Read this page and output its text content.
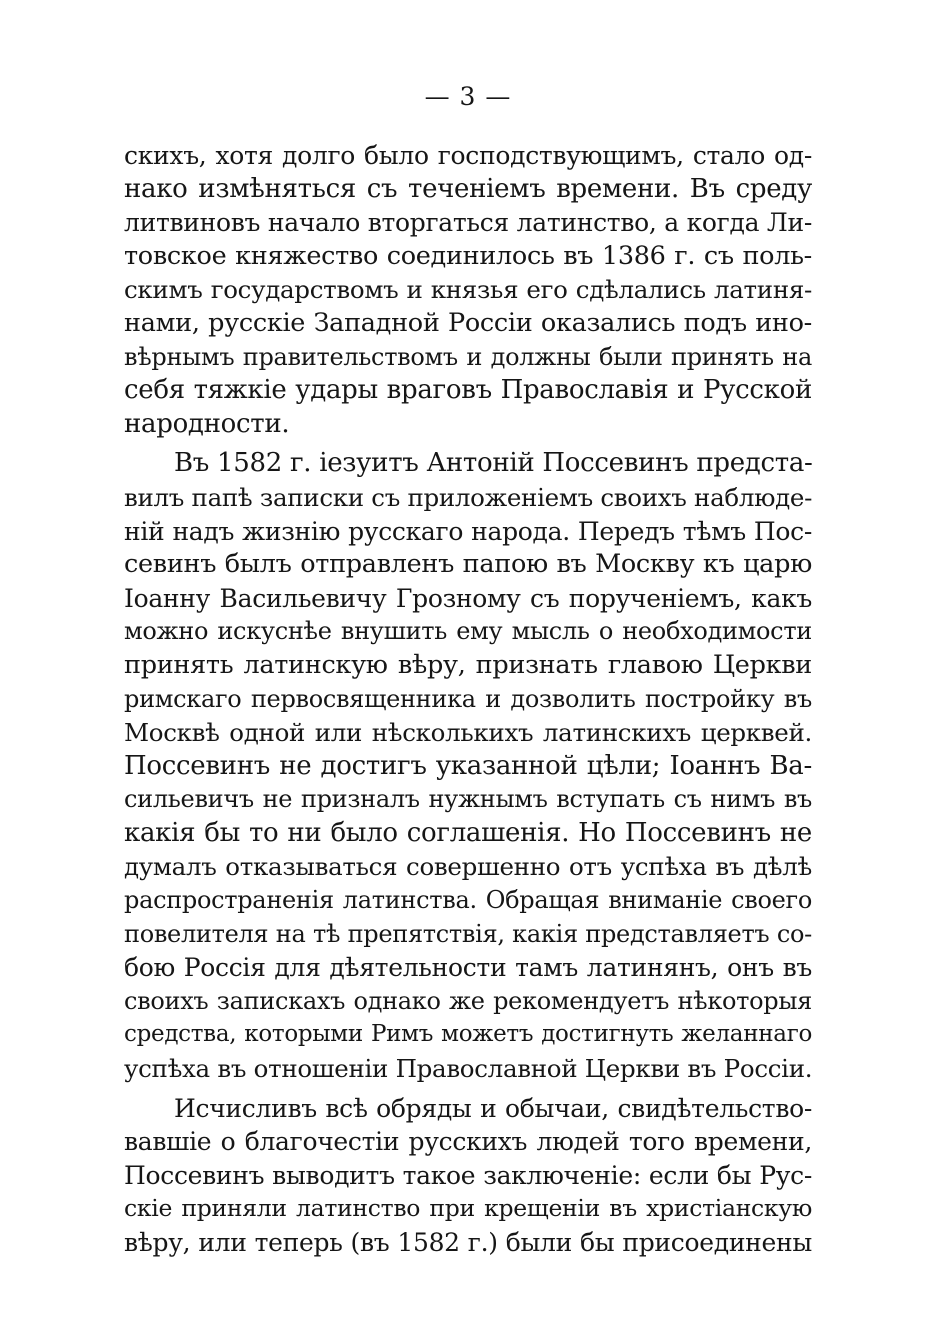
— 3 —
скихъ, хотя долго было господствующимъ, стало од-
нако измѣняться съ теченіемъ времени. Въ среду
литвиновъ начало вторгаться латинство, а когда Ли-
товское княжество соединилось въ 1386 г. съ поль-
скимъ государствомъ и князья его сдѣлались латиня-
нами, русскіе Западной Россіи оказались подъ ино-
вѣрнымъ правительствомъ и должны были принять на
себя тяжкіе удары враговъ Православія и Русской
народности.
Въ 1582 г. іезуитъ Антоній Поссевинъ предста-
вилъ папѣ записки съ приложеніемъ своихъ наблюде-
ній надъ жизнію русскаго народа. Передъ тѣмъ Пос-
севинъ былъ отправленъ папою въ Москву къ царю
Іоанну Васильевичу Грозному съ порученіемъ, какъ
можно искуснѣе внушить ему мысль о необходимости
принять латинскую вѣру, признать главою Церкви
римскаго первосвященника и дозволить постройку въ
Москвѣ одной или нѣсколькихъ латинскихъ церквей.
Поссевинъ не достигъ указанной цѣли; Іоаннъ Ва-
сильевичъ не призналъ нужнымъ вступать съ нимъ въ
какія бы то ни было соглашенія. Но Поссевинъ не
думалъ отказываться совершенно отъ успѣха въ дѣлѣ
распространенія латинства. Обращая вниманіе своего
повелителя на тѣ препятствія, какія представляетъ со-
бою Россія для дѣятельности тамъ латинянъ, онъ въ
своихъ запискахъ однако же рекомендуетъ нѣкоторыя
средства, которыми Римъ можетъ достигнуть желаннаго
успѣха въ отношеніи Православной Церкви въ Россіи.
Исчисливъ всѣ обряды и обычаи, свидѣтельство-
вавшіе о благочестіи русскихъ людей того времени,
Поссевинъ выводитъ такое заключеніе: если бы Рус-
скіе приняли латинство при крещеніи въ христіанскую
вѣру, или теперь (въ 1582 г.) были бы присоединены
